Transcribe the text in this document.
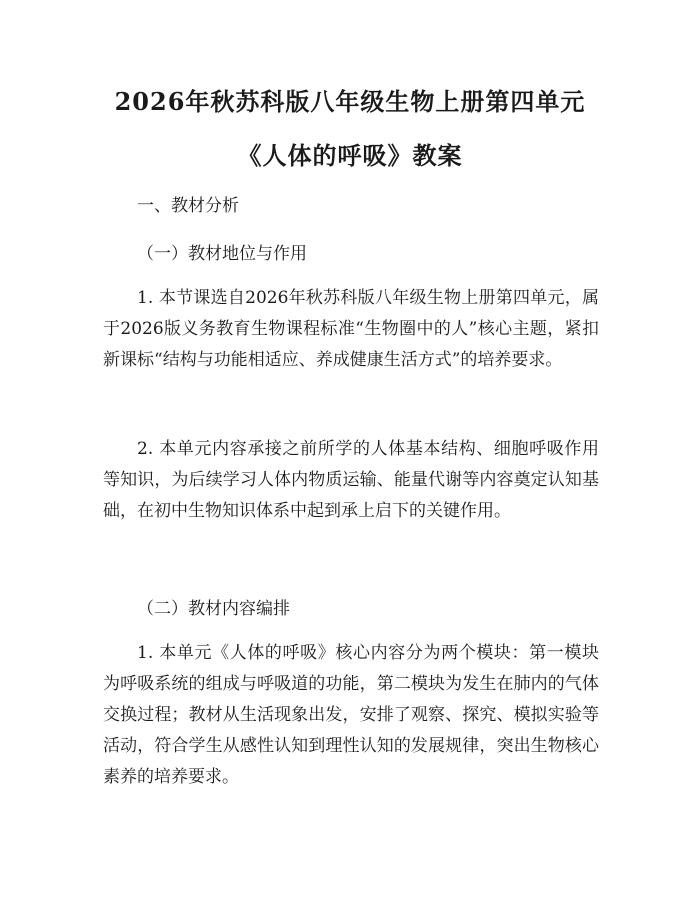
2026年秋苏科版八年级生物上册第四单元
《人体的呼吸》教案

一、教材分析

（一）教材地位与作用

1. 本节课选自2026年秋苏科版八年级生物上册第四单元，属于2026版义务教育生物课程标准“生物圈中的人”核心主题，紧扣新课标“结构与功能相适应、养成健康生活方式”的培养要求。

2. 本单元内容承接之前所学的人体基本结构、细胞呼吸作用等知识，为后续学习人体内物质运输、能量代谢等内容奠定认知基础，在初中生物知识体系中起到承上启下的关键作用。

（二）教材内容编排

1. 本单元《人体的呼吸》核心内容分为两个模块：第一模块为呼吸系统的组成与呼吸道的功能，第二模块为发生在肺内的气体交换过程；教材从生活现象出发，安排了观察、探究、模拟实验等活动，符合学生从感性认知到理性认知的发展规律，突出生物核心素养的培养要求。
